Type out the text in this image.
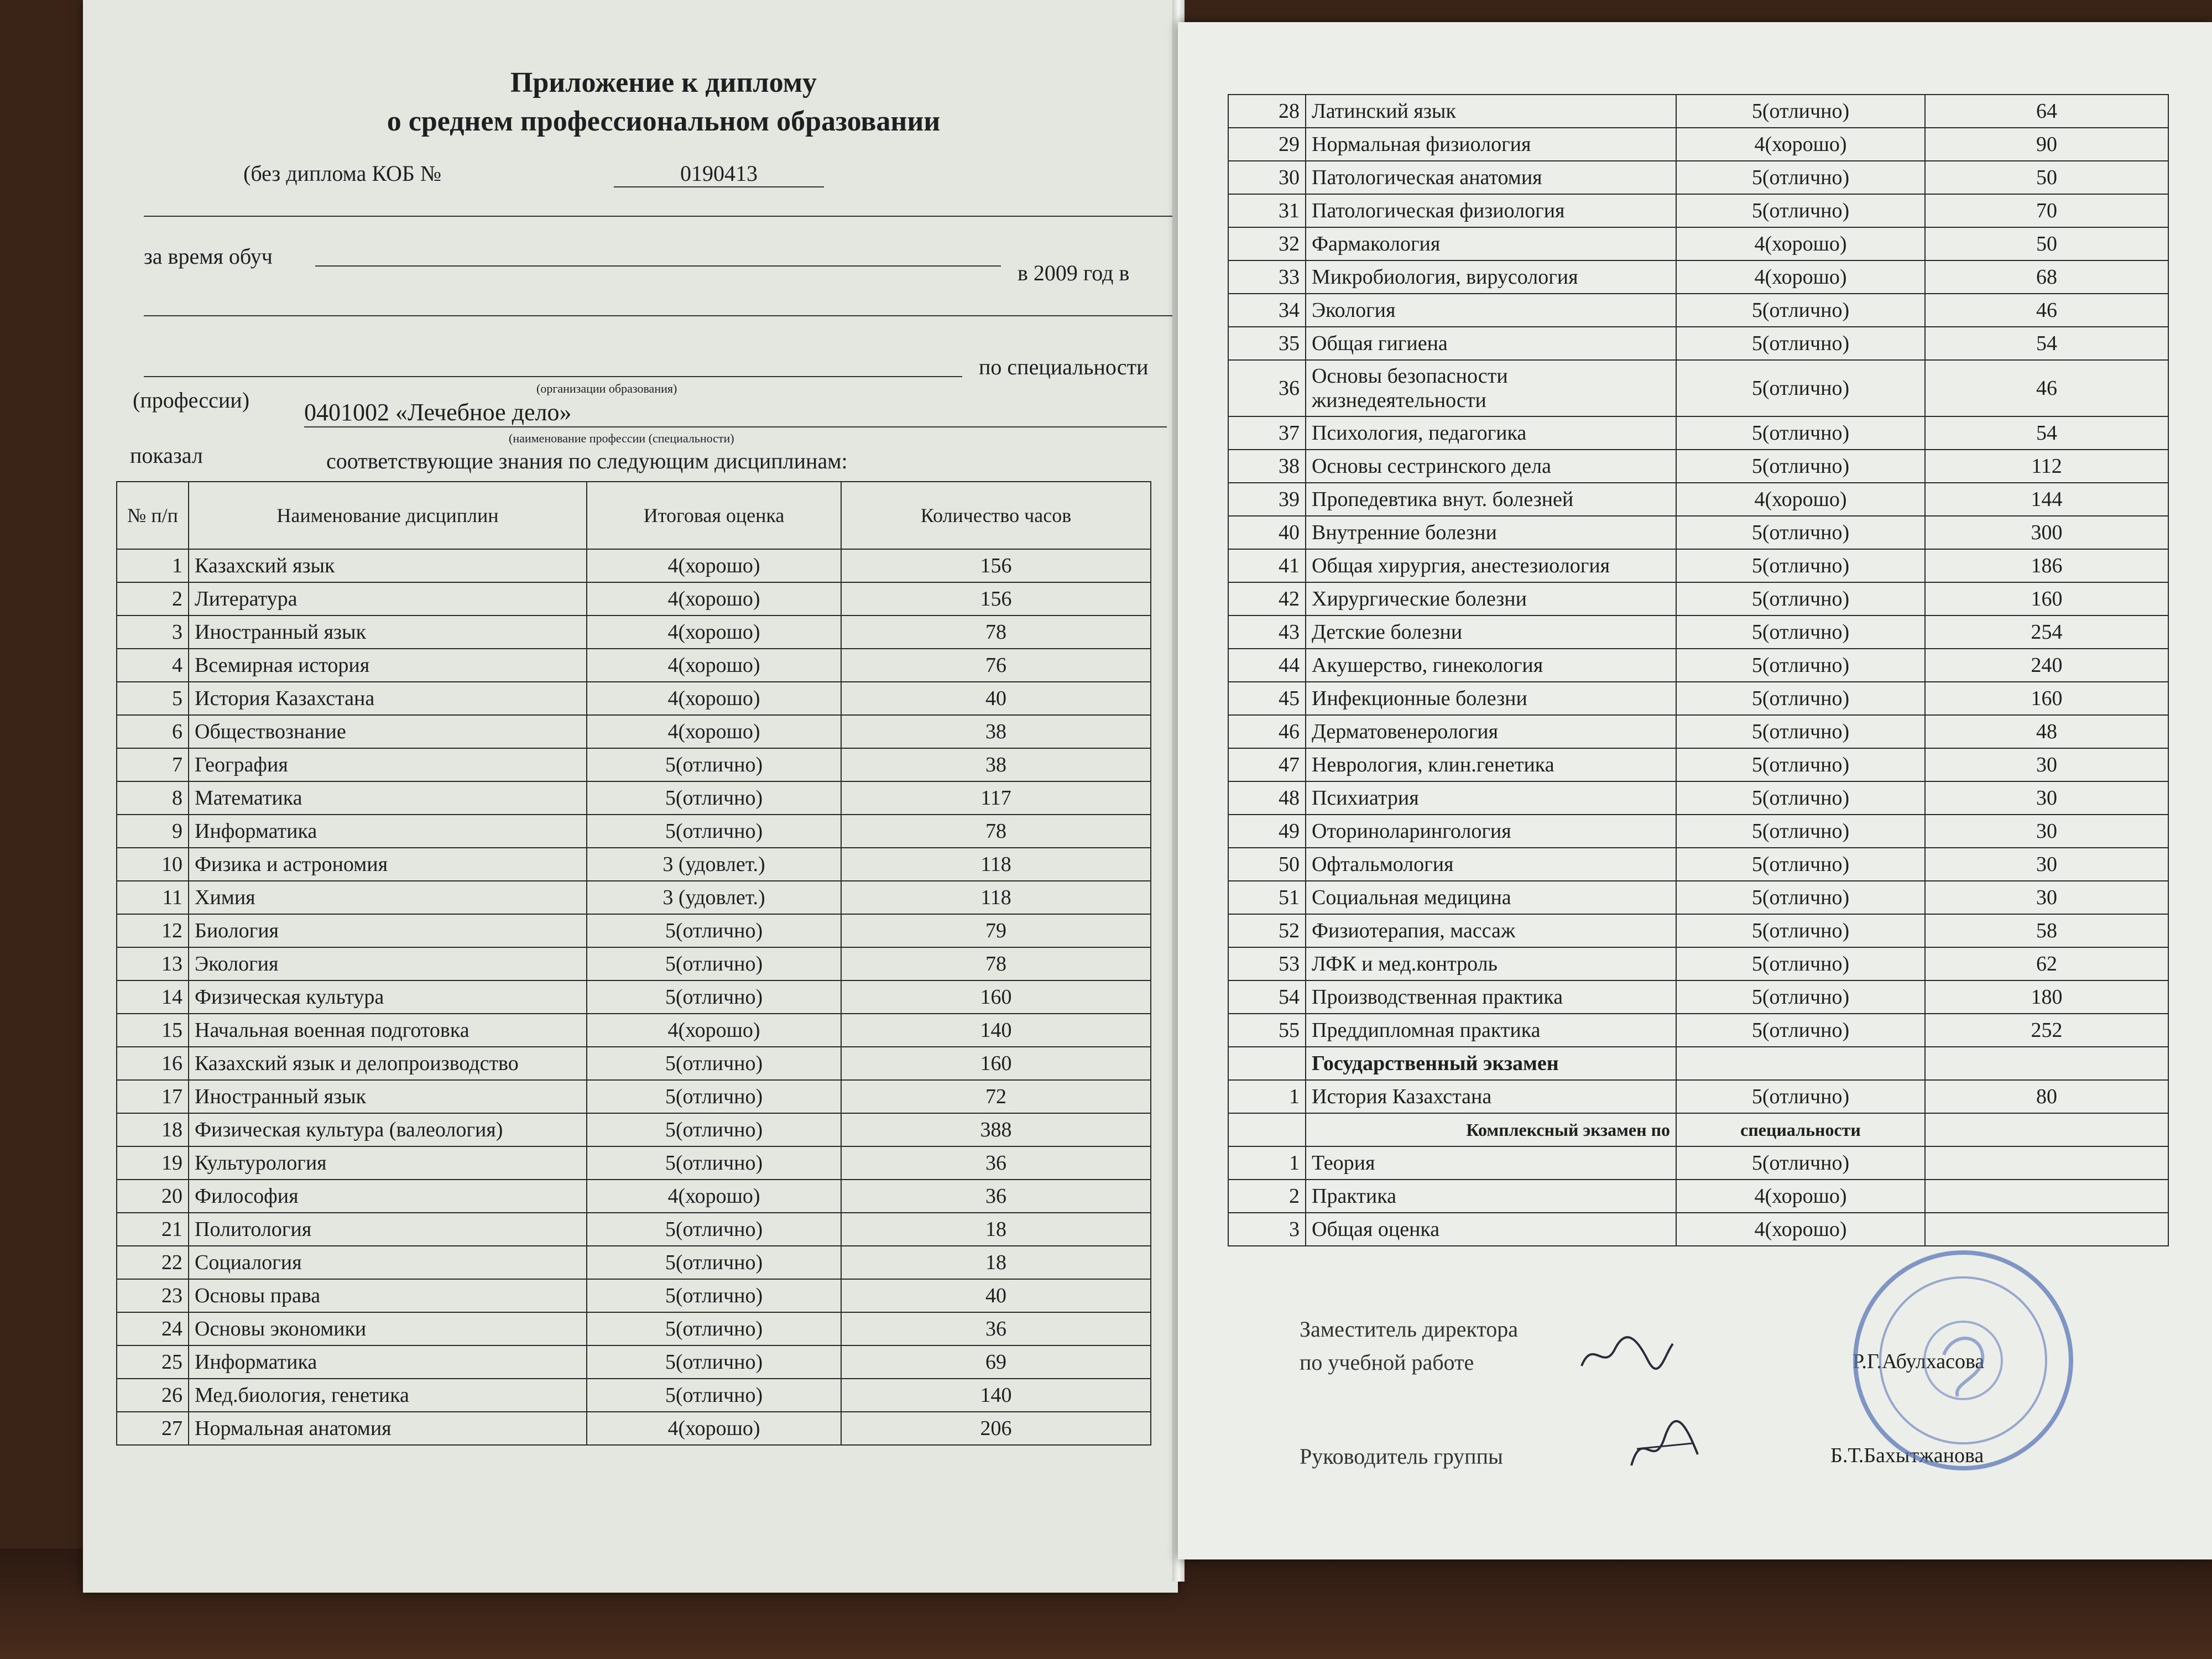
Приложение к диплому
о среднем профессиональном образовании
(без диплома КОБ №	0190413
за время обуч
в 2009 год в
(организации образования)
по специальности
(профессии) 0401002 «Лечебное дело»
(наименование профессии (специальности)
показал	соответствующие знания по следующим дисциплинам:
№ п/п	Наименование дисциплин	Итоговая оценка	Количество часов
1	Казахский язык	4(хорошо)	156
2	Литература	4(хорошо)	156
3	Иностранный язык	4(хорошо)	78
4	Всемирная история	4(хорошо)	76
5	История Казахстана	4(хорошо)	40
6	Обществознание	4(хорошо)	38
7	География	5(отлично)	38
8	Математика	5(отлично)	117
9	Информатика	5(отлично)	78
10	Физика и астрономия	3 (удовлет.)	118
11	Химия	3 (удовлет.)	118
12	Биология	5(отлично)	79
13	Экология	5(отлично)	78
14	Физическая культура	5(отлично)	160
15	Начальная военная подготовка	4(хорошо)	140
16	Казахский язык и делопроизводство	5(отлично)	160
17	Иностранный язык	5(отлично)	72
18	Физическая культура (валеология)	5(отлично)	388
19	Культурология	5(отлично)	36
20	Философия	4(хорошо)	36
21	Политология	5(отлично)	18
22	Социалогия	5(отлично)	18
23	Основы права	5(отлично)	40
24	Основы экономики	5(отлично)	36
25	Информатика	5(отлично)	69
26	Мед.биология, генетика	5(отлично)	140
27	Нормальная анатомия	4(хорошо)	206
28	Латинский язык	5(отлично)	64
29	Нормальная физиология	4(хорошо)	90
30	Патологическая анатомия	5(отлично)	50
31	Патологическая физиология	5(отлично)	70
32	Фармакология	4(хорошо)	50
33	Микробиология, вирусология	4(хорошо)	68
34	Экология	5(отлично)	46
35	Общая гигиена	5(отлично)	54
36	Основы безопасности жизнедеятельности	5(отлично)	46
37	Психология, педагогика	5(отлично)	54
38	Основы сестринского дела	5(отлично)	112
39	Пропедевтика внут. болезней	4(хорошо)	144
40	Внутренние болезни	5(отлично)	300
41	Общая хирургия, анестезиология	5(отлично)	186
42	Хирургические болезни	5(отлично)	160
43	Детские болезни	5(отлично)	254
44	Акушерство, гинекология	5(отлично)	240
45	Инфекционные болезни	5(отлично)	160
46	Дерматовенерология	5(отлично)	48
47	Неврология, клин.генетика	5(отлично)	30
48	Психиатрия	5(отлично)	30
49	Оториноларингология	5(отлично)	30
50	Офтальмология	5(отлично)	30
51	Социальная медицина	5(отлично)	30
52	Физиотерапия, массаж	5(отлично)	58
53	ЛФК и мед.контроль	5(отлично)	62
54	Производственная практика	5(отлично)	180
55	Преддипломная практика	5(отлично)	252
	Государственный экзамен		
1	История Казахстана	5(отлично)	80
	Комплексный экзамен по	специальности	
1	Теория	5(отлично)	
2	Практика	4(хорошо)	
3	Общая оценка	4(хорошо)	
Заместитель директора
по учебной работе	Р.Г.Абулхасова
Руководитель группы	Б.Т.Бахытжанова
